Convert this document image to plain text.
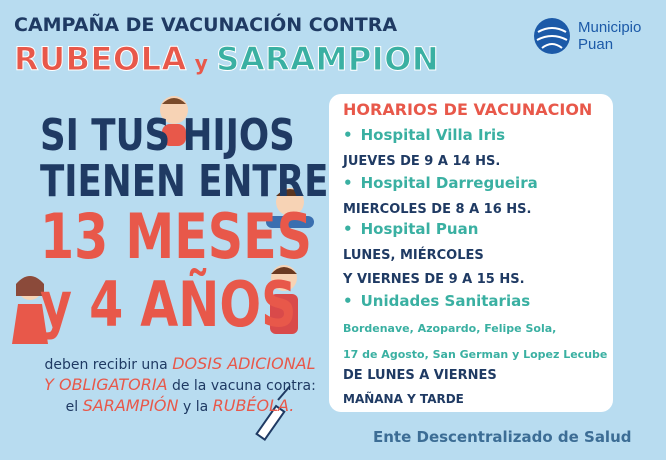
CAMPAÑA DE VACUNACIÓN CONTRA
RUBEOLA y SARAMPION
Municipio
Puan
SI TUS HIJOS
TIENEN ENTRE
13 MESES
y 4 AÑOS
deben recibir una DOSIS ADICIONAL
Y OBLIGATORIA de la vacuna contra:
el SARAMPIÓN y la RUBÉOLA.
HORARIOS DE VACUNACION
• Hospital Villa Iris
JUEVES DE 9 A 14 HS.
• Hospital Darregueira
MIERCOLES DE 8 A 16 HS.
• Hospital Puan
LUNES, MIÉRCOLES
Y VIERNES DE 9 A 15 HS.
• Unidades Sanitarias
Bordenave, Azopardo, Felipe Sola,
17 de Agosto, San German y Lopez Lecube
DE LUNES A VIERNES
MAÑANA Y TARDE
Ente Descentralizado de Salud
